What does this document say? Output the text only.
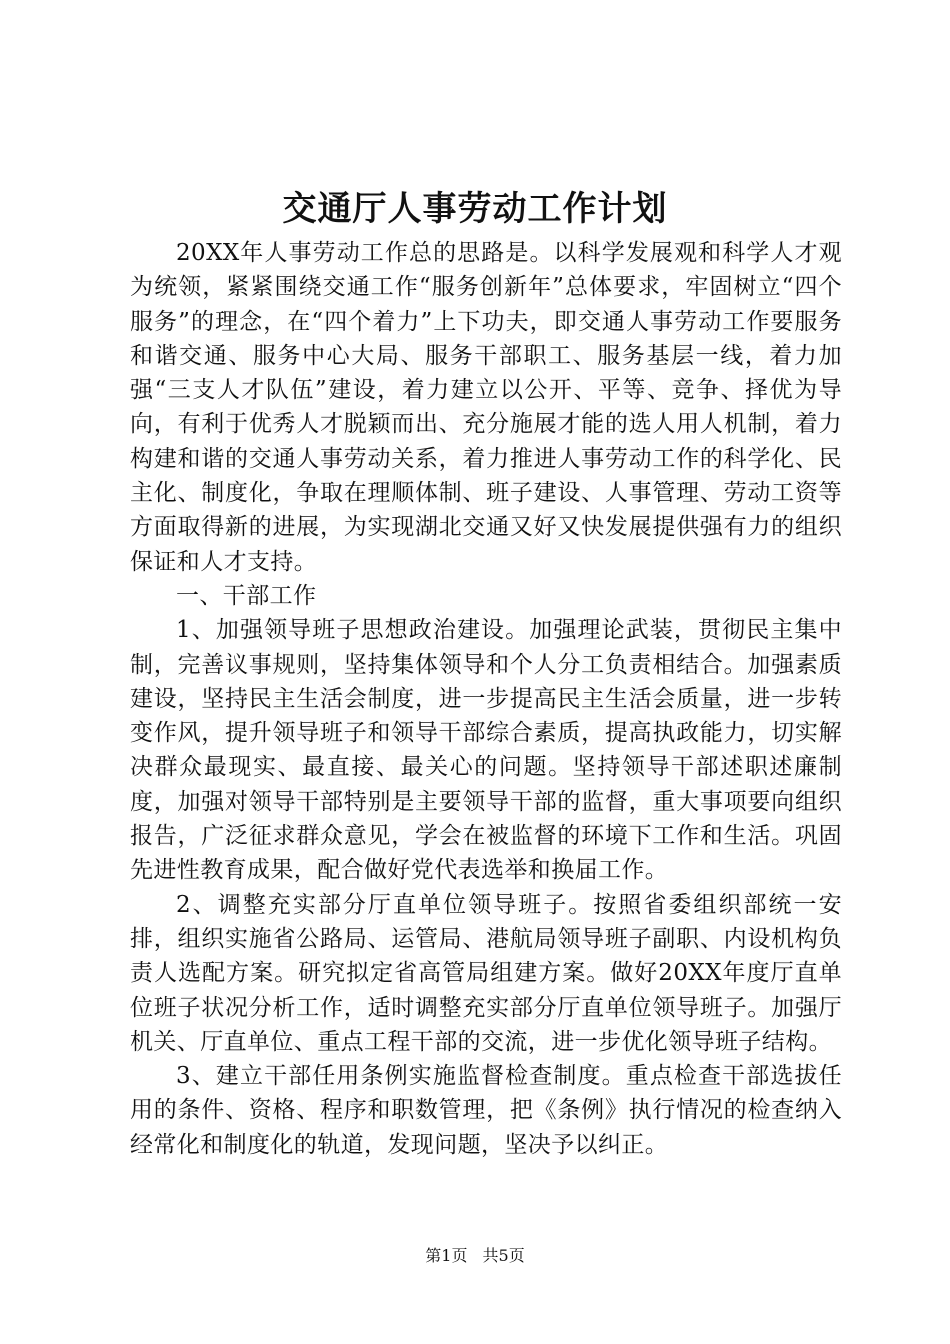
交通厅人事劳动工作计划

20XX年人事劳动工作总的思路是。以科学发展观和科学人才观为统领，紧紧围绕交通工作“服务创新年”总体要求，牢固树立“四个服务”的理念，在“四个着力”上下功夫，即交通人事劳动工作要服务和谐交通、服务中心大局、服务干部职工、服务基层一线，着力加强“三支人才队伍”建设，着力建立以公开、平等、竞争、择优为导向，有利于优秀人才脱颖而出、充分施展才能的选人用人机制，着力构建和谐的交通人事劳动关系，着力推进人事劳动工作的科学化、民主化、制度化，争取在理顺体制、班子建设、人事管理、劳动工资等方面取得新的进展，为实现湖北交通又好又快发展提供强有力的组织保证和人才支持。

一、干部工作

1、加强领导班子思想政治建设。加强理论武装，贯彻民主集中制，完善议事规则，坚持集体领导和个人分工负责相结合。加强素质建设，坚持民主生活会制度，进一步提高民主生活会质量，进一步转变作风，提升领导班子和领导干部综合素质，提高执政能力，切实解决群众最现实、最直接、最关心的问题。坚持领导干部述职述廉制度，加强对领导干部特别是主要领导干部的监督，重大事项要向组织报告，广泛征求群众意见，学会在被监督的环境下工作和生活。巩固先进性教育成果，配合做好党代表选举和换届工作。

2、调整充实部分厅直单位领导班子。按照省委组织部统一安排，组织实施省公路局、运管局、港航局领导班子副职、内设机构负责人选配方案。研究拟定省高管局组建方案。做好20XX年度厅直单位班子状况分析工作，适时调整充实部分厅直单位领导班子。加强厅机关、厅直单位、重点工程干部的交流，进一步优化领导班子结构。

3、建立干部任用条例实施监督检查制度。重点检查干部选拔任用的条件、资格、程序和职数管理，把《条例》执行情况的检查纳入经常化和制度化的轨道，发现问题，坚决予以纠正。

第1页 共5页
